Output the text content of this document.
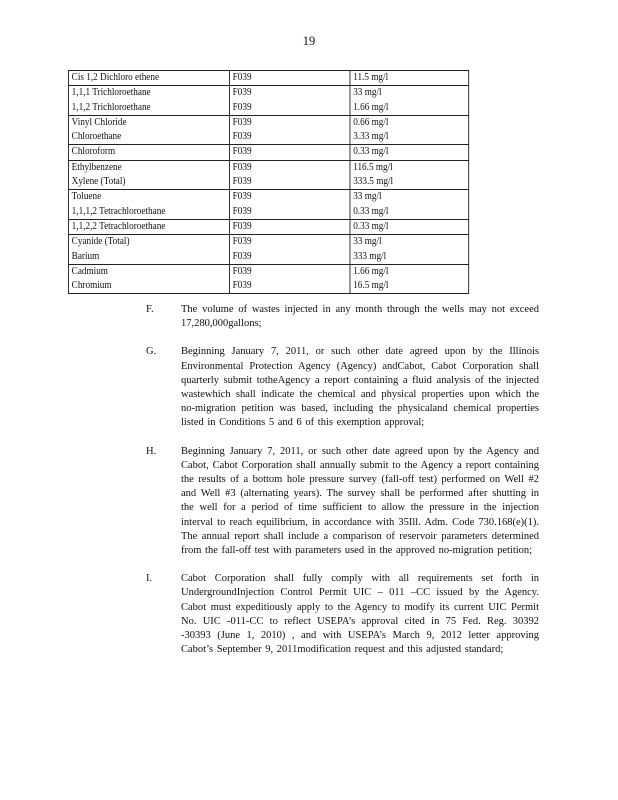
19
Cis 1,2 Dichloro ethene	F039	11.5 mg/l
1,1,1 Trichloroethane	F039	33 mg/l
1,1,2 Trichloroethane	F039	1.66 mg/l
Vinyl Chloride	F039	0.66 mg/l
Chloroethane	F039	3.33 mg/l
Chloroform	F039	0.33 mg/l
Ethylbenzene	F039	116.5 mg/l
Xylene (Total)	F039	333.5 mg/l
Toluene	F039	33 mg/l
1,1,1,2 Tetrachloroethane	F039	0.33 mg/l
1,1,2,2 Tetrachloroethane	F039	0.33 mg/l
Cyanide (Total)	F039	33 mg/l
Barium	F039	333 mg/l
Cadmium	F039	1.66 mg/l
Chromium	F039	16.5 mg/l
F.	The volume of wastes injected in any month through the wells may not exceed 17,280,000gallons;
G.	Beginning January 7, 2011, or such other date agreed upon by the Illinois Environmental Protection Agency (Agency) andCabot, Cabot Corporation shall quarterly submit totheAgency a report containing a fluid analysis of the injected wastewhich shall indicate the chemical and physical properties upon which the no-migration petition was based, including the physicaland chemical properties listed in Conditions 5 and 6 of this exemption approval;
H.	Beginning January 7, 2011, or such other date agreed upon by the Agency and Cabot, Cabot Corporation shall annually submit to the Agency a report containing the results of a bottom hole pressure survey (fall-off test) performed on Well #2 and Well #3 (alternating years). The survey shall be performed after shutting in the well for a period of time sufficient to allow the pressure in the injection interval to reach equilibrium, in accordance with 35Ill. Adm. Code 730.168(e)(1). The annual report shall include a comparison of reservoir parameters determined from the fall-off test with parameters used in the approved no-migration petition;
I.	Cabot Corporation shall fully comply with all requirements set forth in UndergroundInjection Control Permit UIC – 011 –CC issued by the Agency. Cabot must expeditiously apply to the Agency to modify its current UIC Permit No. UIC -011-CC to reflect USEPA’s approval cited in 75 Fed. Reg. 30392 -30393 (June 1, 2010) , and with USEPA’s March 9, 2012 letter approving Cabot’s September 9, 2011modification request and this adjusted standard;
